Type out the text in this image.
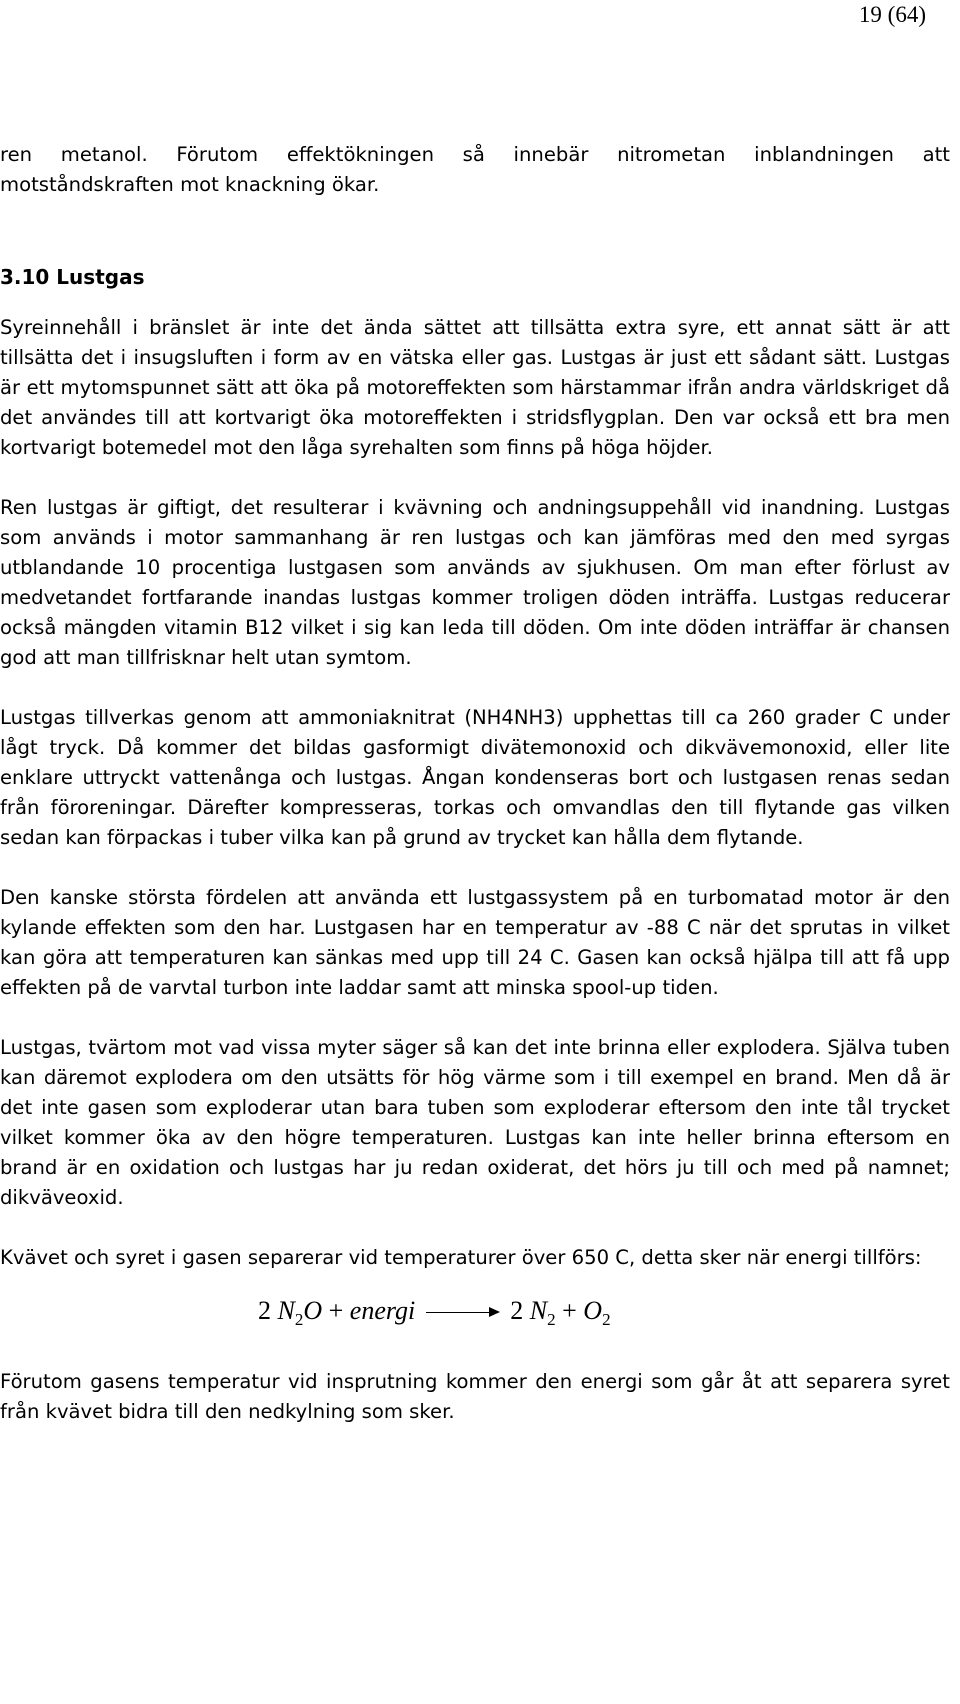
19 (64)

ren metanol. Förutom effektökningen så innebär nitrometan inblandningen att motståndskraften mot knackning ökar.

3.10 Lustgas

Syreinnehåll i bränslet är inte det ända sättet att tillsätta extra syre, ett annat sätt är att tillsätta det i insugsluften i form av en vätska eller gas. Lustgas är just ett sådant sätt. Lustgas är ett mytomspunnet sätt att öka på motoreffekten som härstammar ifrån andra världskriget då det användes till att kortvarigt öka motoreffekten i stridsflygplan. Den var också ett bra men kortvarigt botemedel mot den låga syrehalten som finns på höga höjder.

Ren lustgas är giftigt, det resulterar i kvävning och andningsuppehåll vid inandning. Lustgas som används i motor sammanhang är ren lustgas och kan jämföras med den med syrgas utblandande 10 procentiga lustgasen som används av sjukhusen. Om man efter förlust av medvetandet fortfarande inandas lustgas kommer troligen döden inträffa. Lustgas reducerar också mängden vitamin B12 vilket i sig kan leda till döden. Om inte döden inträffar är chansen god att man tillfrisknar helt utan symtom.

Lustgas tillverkas genom att ammoniaknitrat (NH4NH3) upphettas till ca 260 grader C under lågt tryck. Då kommer det bildas gasformigt divätemonoxid och dikvävemonoxid, eller lite enklare uttryckt vattenånga och lustgas. Ångan kondenseras bort och lustgasen renas sedan från föroreningar. Därefter kompresseras, torkas och omvandlas den till flytande gas vilken sedan kan förpackas i tuber vilka kan på grund av trycket kan hålla dem flytande.

Den kanske största fördelen att använda ett lustgassystem på en turbomatad motor är den kylande effekten som den har. Lustgasen har en temperatur av -88 C när det sprutas in vilket kan göra att temperaturen kan sänkas med upp till 24 C. Gasen kan också hjälpa till att få upp effekten på de varvtal turbon inte laddar samt att minska spool-up tiden.

Lustgas, tvärtom mot vad vissa myter säger så kan det inte brinna eller explodera. Själva tuben kan däremot explodera om den utsätts för hög värme som i till exempel en brand. Men då är det inte gasen som exploderar utan bara tuben som exploderar eftersom den inte tål trycket vilket kommer öka av den högre temperaturen. Lustgas kan inte heller brinna eftersom en brand är en oxidation och lustgas har ju redan oxiderat, det hörs ju till och med på namnet; dikväveoxid.

Kvävet och syret i gasen separerar vid temperaturer över 650 C, detta sker när energi tillförs:

2 $N_2O$ + energi	2 $N_2 + O_2$

Förutom gasens temperatur vid insprutning kommer den energi som går åt att separera syret från kvävet bidra till den nedkylning som sker.
